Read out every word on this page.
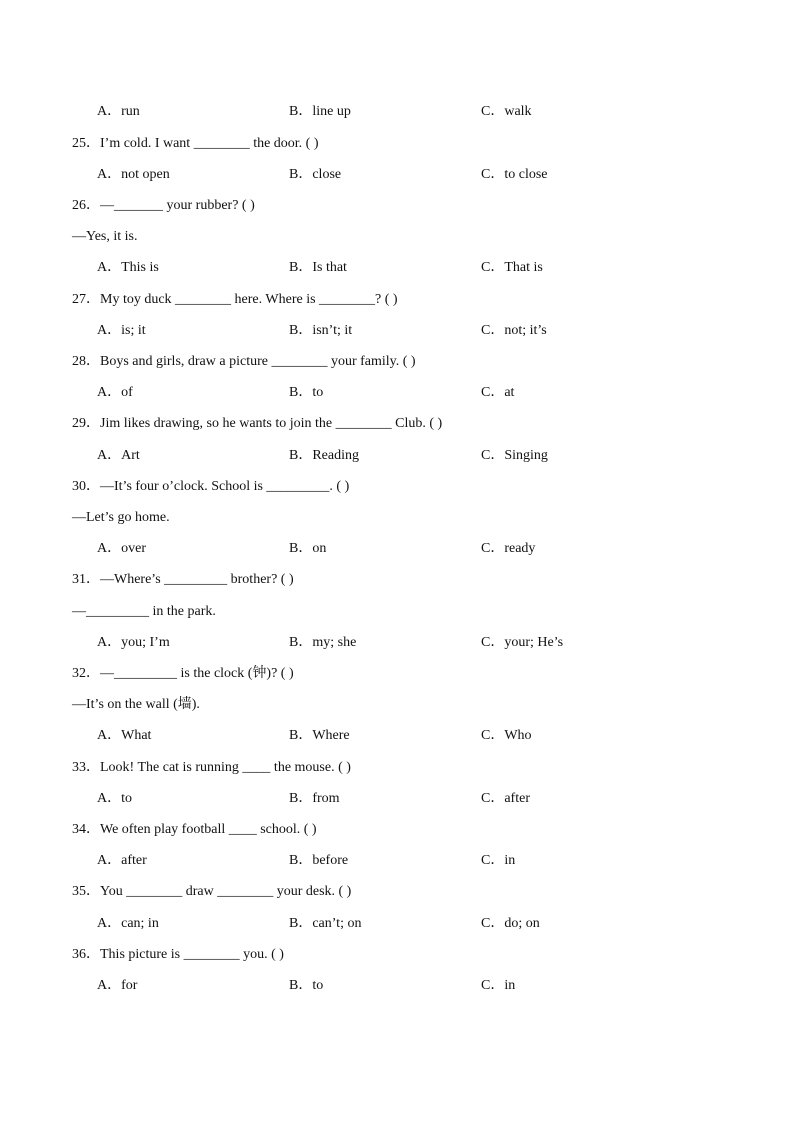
A．run	B．line up	C．walk
25．I’m cold. I want ________ the door. ( )
A．not open	B．close	C．to close
26．—_______ your rubber? ( )
—Yes, it is.
A．This is	B．Is that	C．That is
27．My toy duck ________ here. Where is ________? ( )
A．is; it	B．isn’t; it	C．not; it’s
28．Boys and girls, draw a picture ________ your family. ( )
A．of	B．to	C．at
29．Jim likes drawing, so he wants to join the ________ Club. ( )
A．Art	B．Reading	C．Singing
30．—It’s four o’clock. School is _________. ( )
—Let’s go home.
A．over	B．on	C．ready
31．—Where’s _________ brother? ( )
—_________ in the park.
A．you; I’m	B．my; she	C．your; He’s
32．—_________ is the clock (钟)? ( )
—It’s on the wall (墙).
A．What	B．Where	C．Who
33．Look! The cat is running ____ the mouse. ( )
A．to	B．from	C．after
34．We often play football ____ school. ( )
A．after	B．before	C．in
35．You ________ draw ________ your desk. ( )
A．can; in	B．can’t; on	C．do; on
36．This picture is ________ you. ( )
A．for	B．to	C．in
